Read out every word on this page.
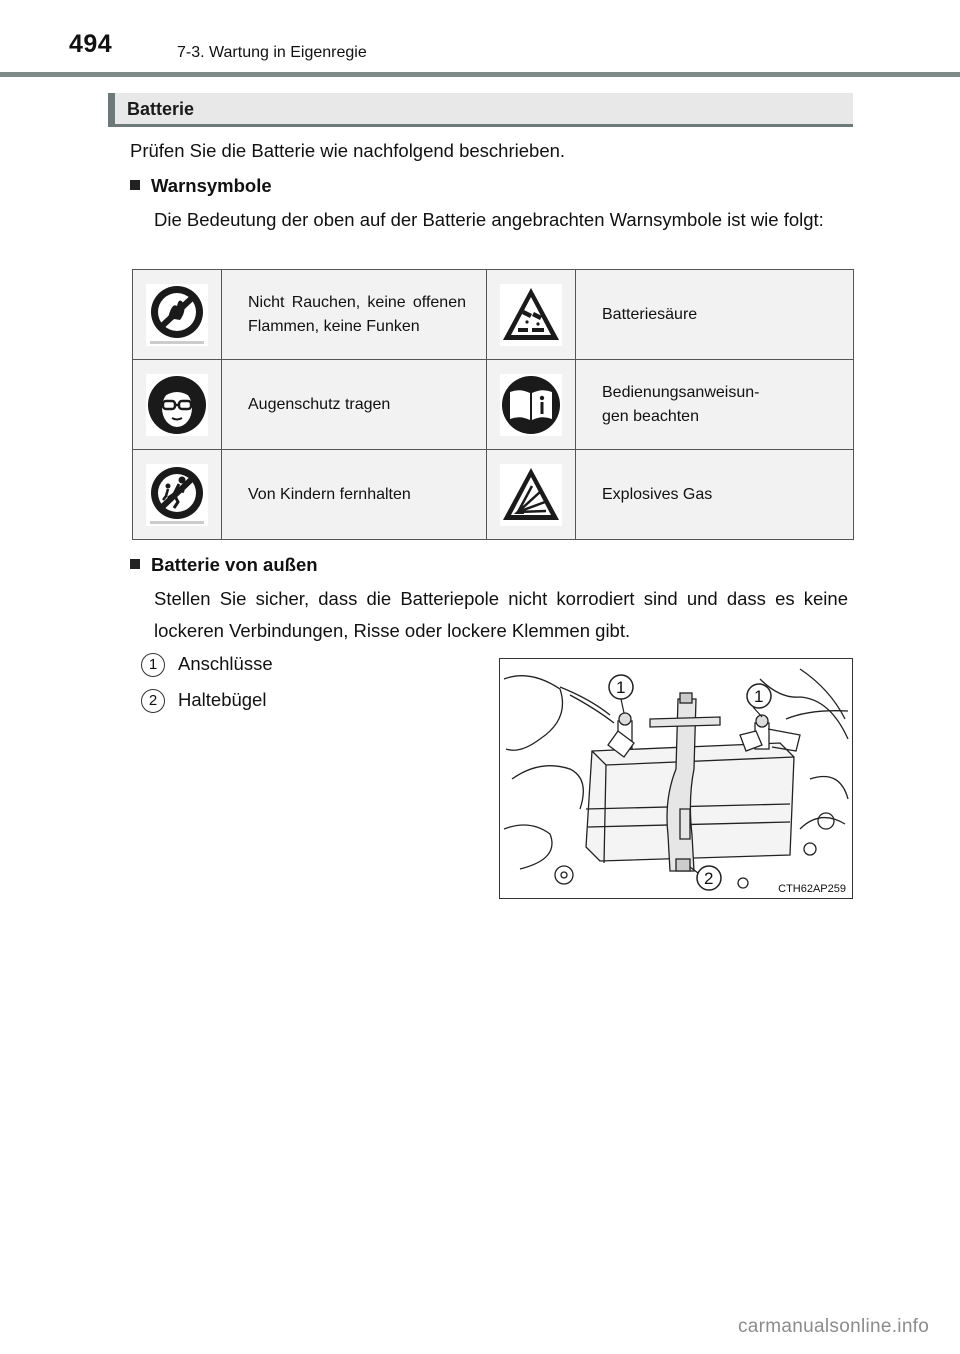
494	7-3. Wartung in Eigenregie
Batterie
Prüfen Sie die Batterie wie nachfolgend beschrieben.
Warnsymbole
Die Bedeutung der oben auf der Batterie angebrachten Warnsymbole ist wie folgt:
	Nicht Rauchen, keine offenen Flammen, keine Funken		Batteriesäure
	Augenschutz tragen		Bedienungsanweisun-
gen beachten
	Von Kindern fernhalten		Explosives Gas
Batterie von außen
Stellen Sie sicher, dass die Batteriepole nicht korrodiert sind und dass es keine lockeren Verbindungen, Risse oder lockere Klemmen gibt.
1 Anschlüsse
2 Haltebügel
1	1
2
CTH62AP259
carmanualsonline.info
